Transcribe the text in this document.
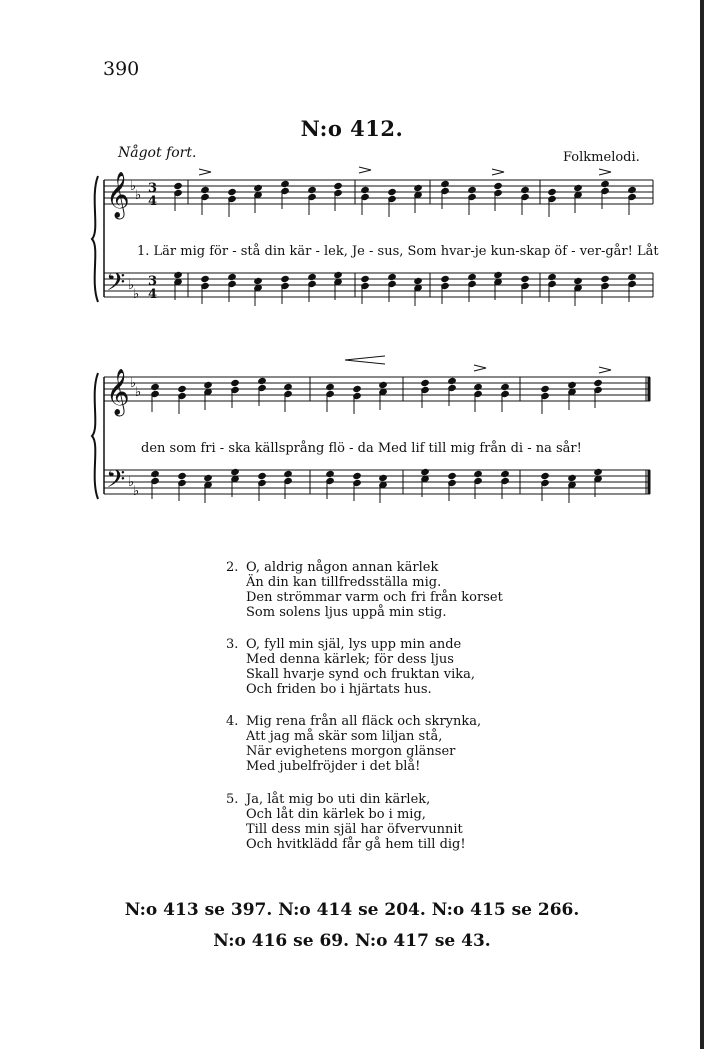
390
N:o 412.
Något fort.	Folkmelodi.
𝄞
𝄢
♭
♭
♭
♭
3
4
3
4
𝄞
𝄢
♭
♭
♭
♭
1. Lär mig för - stå din kär - lek, Je - sus, Som hvar-je kun-skap öf - ver-går! Låt
den som fri - ska källsprång flö - da Med lif till mig från di - na sår!
2. O, aldrig någon annan kärlek
Än din kan tillfredsställa mig.
Den strömmar varm och fri från korset
Som solens ljus uppå min stig.
3. O, fyll min själ, lys upp min ande
Med denna kärlek; för dess ljus
Skall hvarje synd och fruktan vika,
Och friden bo i hjärtats hus.
4. Mig rena från all fläck och skrynka,
Att jag må skär som liljan stå,
När evighetens morgon glänser
Med jubelfröjder i det blå!
5. Ja, låt mig bo uti din kärlek,
Och låt din kärlek bo i mig,
Till dess min själ har öfvervunnit
Och hvitklädd får gå hem till dig!
N:o 413 se 397. N:o 414 se 204. N:o 415 se 266.
N:o 416 se 69. N:o 417 se 43.
